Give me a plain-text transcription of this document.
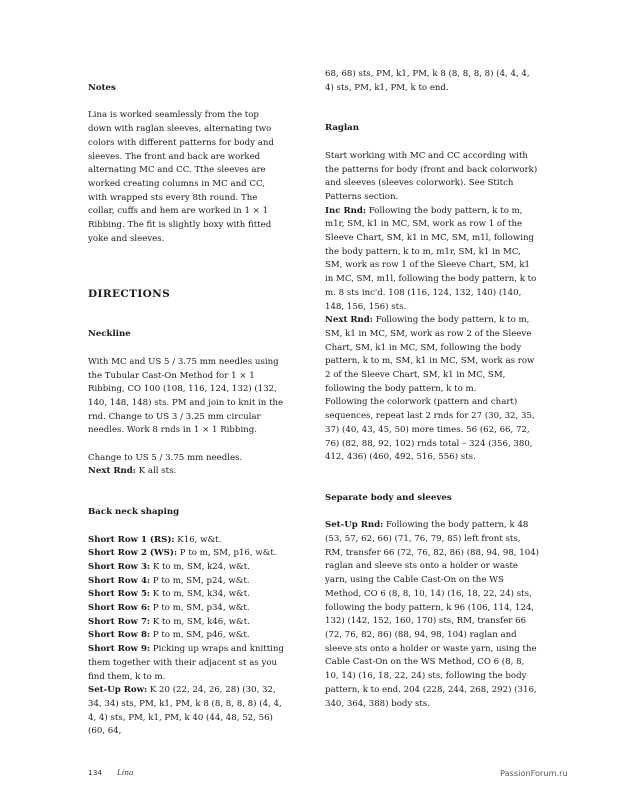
Notes

Lina is worked seamlessly from the top down with raglan sleeves, alternating two colors with different patterns for body and sleeves. The front and back are worked alternating MC and CC. Tthe sleeves are worked creating columns in MC and CC, with wrapped sts every 8th round. The collar, cuffs and hem are worked in 1 × 1 Ribbing. The fit is slightly boxy with fitted yoke and sleeves.

DIRECTIONS

Neckline

With MC and US 5 / 3.75 mm needles using the Tubular Cast-On Method for 1 × 1 Ribbing, CO 100 (108, 116, 124, 132) (132, 140, 148, 148) sts. PM and join to knit in the rnd. Change to US 3 / 3.25 mm circular needles. Work 8 rnds in 1 × 1 Ribbing.

Change to US 5 / 3.75 mm needles.

Next Rnd: K all sts.

Back neck shaping

Short Row 1 (RS): K16, w&t.

Short Row 2 (WS): P to m, SM, p16, w&t.

Short Row 3: K to m, SM, k24, w&t.

Short Row 4: P to m, SM, p24, w&t.

Short Row 5: K to m, SM, k34, w&t.

Short Row 6: P to m, SM, p34, w&t.

Short Row 7: K to m, SM, k46, w&t.

Short Row 8: P to m, SM, p46, w&t.

Short Row 9: Picking up wraps and knitting them together with their adjacent st as you find them, k to m.

Set-Up Row: K 20 (22, 24, 26, 28) (30, 32, 34, 34) sts, PM, k1, PM, k 8 (8, 8, 8, 8) (4, 4, 4, 4) sts, PM, k1, PM, k 40 (44, 48, 52, 56) (60, 64,

68, 68) sts, PM, k1, PM, k 8 (8, 8, 8, 8) (4, 4, 4, 4) sts, PM, k1, PM, k to end.

Raglan

Start working with MC and CC according with the patterns for body (front and back colorwork) and sleeves (sleeves colorwork). See Stitch Patterns section.

Inc Rnd: Following the body pattern, k to m, m1r, SM, k1 in MC, SM, work as row 1 of the Sleeve Chart, SM, k1 in MC, SM, m1l, following the body pattern, k to m, m1r, SM, k1 in MC, SM, work as row 1 of the Sleeve Chart, SM, k1 in MC, SM, m1l, following the body pattern, k to m. 8 sts inc'd. 108 (116, 124, 132, 140) (140, 148, 156, 156) sts.

Next Rnd: Following the body pattern, k to m, SM, k1 in MC, SM, work as row 2 of the Sleeve Chart, SM, k1 in MC, SM, following the body pattern, k to m, SM, k1 in MC, SM, work as row 2 of the Sleeve Chart, SM, k1 in MC, SM, following the body pattern, k to m.

Following the colorwork (pattern and chart) sequences, repeat last 2 rnds for 27 (30, 32, 35, 37) (40, 43, 45, 50) more times. 56 (62, 66, 72, 76) (82, 88, 92, 102) rnds total – 324 (356, 380, 412, 436) (460, 492, 516, 556) sts.

Separate body and sleeves

Set-Up Rnd: Following the body pattern, k 48 (53, 57, 62, 66) (71, 76, 79, 85) left front sts, RM, transfer 66 (72, 76, 82, 86) (88, 94, 98, 104) raglan and sleeve sts onto a holder or waste yarn, using the Cable Cast-On on the WS Method, CO 6 (8, 8, 10, 14) (16, 18, 22, 24) sts, following the body pattern, k 96 (106, 114, 124, 132) (142, 152, 160, 170) sts, RM, transfer 66 (72, 76, 82, 86) (88, 94, 98, 104) raglan and sleeve sts onto a holder or waste yarn, using the Cable Cast-On on the WS Method, CO 6 (8, 8, 10, 14) (16, 18, 22, 24) sts, following the body pattern, k to end. 204 (228, 244, 268, 292) (316, 340, 364, 388) body sts.

134 Lina	PassionForum.ru
